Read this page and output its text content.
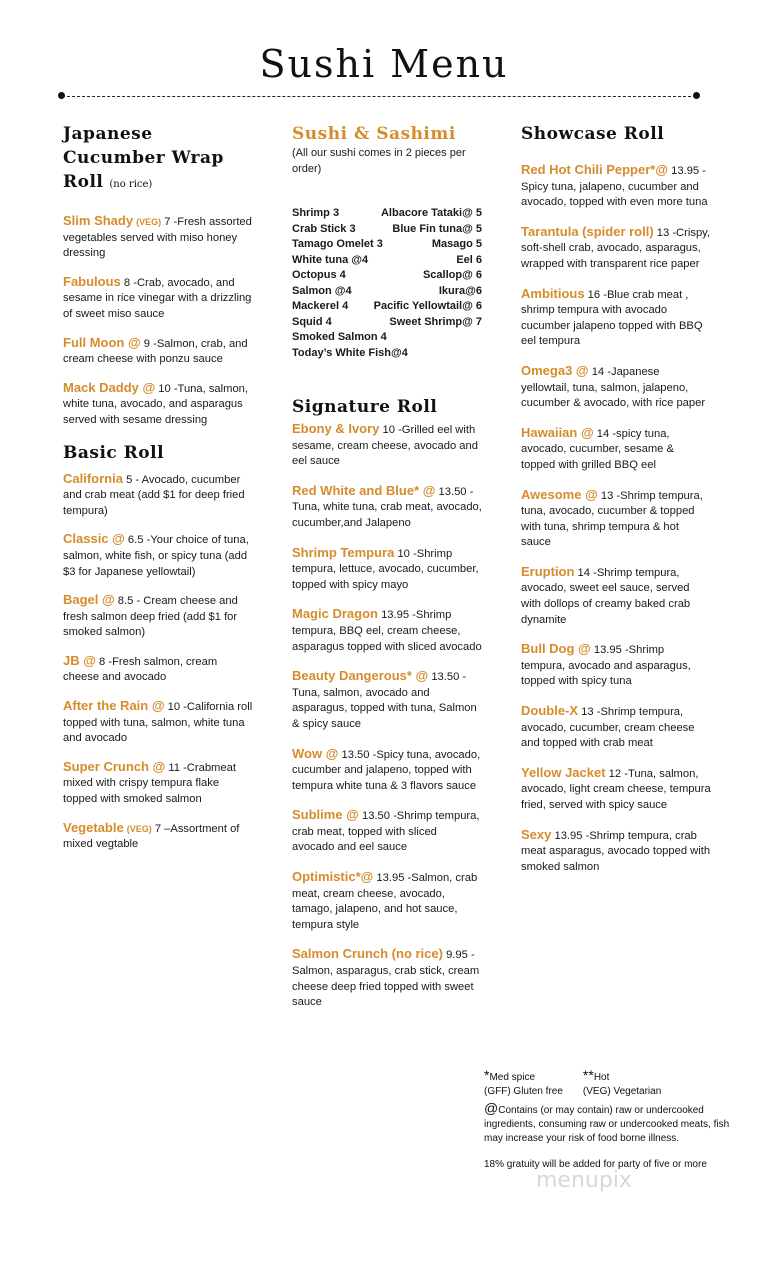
Sushi Menu
Japanese Cucumber Wrap Roll (no rice)
Slim Shady (VEG) 7 -Fresh assorted vegetables served with miso honey dressing
Fabulous 8 -Crab, avocado, and sesame in rice vinegar with a drizzling of sweet miso sauce
Full Moon @ 9 -Salmon, crab, and cream cheese with ponzu sauce
Mack Daddy @ 10 -Tuna, salmon, white tuna, avocado, and asparagus served with sesame dressing
Basic Roll
California 5 - Avocado, cucumber and crab meat (add $1 for deep fried tempura)
Classic @ 6.5 -Your choice of tuna, salmon, white fish, or spicy tuna (add $3 for Japanese yellowtail)
Bagel @ 8.5 - Cream cheese and fresh salmon deep fried (add $1 for smoked salmon)
JB @ 8 -Fresh salmon, cream cheese and avocado
After the Rain @ 10 -California roll topped with tuna, salmon, white tuna and avocado
Super Crunch @ 11 -Crabmeat mixed with crispy tempura flake topped with smoked salmon
Vegetable (VEG) 7 –Assortment of mixed vegtable
Sushi & Sashimi
(All our sushi comes in 2 pieces per order)
Shrimp 3	Albacore Tataki@ 5
Crab Stick 3	Blue Fin tuna@ 5
Tamago Omelet 3	Masago 5
White tuna @4	Eel 6
Octopus 4	Scallop@ 6
Salmon @4	Ikura@6
Mackerel 4 Pacific Yellowtail@ 6
Squid 4	Sweet Shrimp@ 7
Smoked Salmon 4
Today’s White Fish@4
Signature Roll
Ebony & Ivory 10 -Grilled eel with sesame, cream cheese, avocado and eel sauce
Red White and Blue* @ 13.50 -Tuna, white tuna, crab meat, avocado, cucumber,and Jalapeno
Shrimp Tempura 10 -Shrimp tempura, lettuce, avocado, cucumber, topped with spicy mayo
Magic Dragon 13.95 -Shrimp tempura, BBQ eel, cream cheese, asparagus topped with sliced avocado
Beauty Dangerous* @ 13.50 - Tuna, salmon, avocado and asparagus, topped with tuna, Salmon & spicy sauce
Wow @ 13.50 -Spicy tuna, avocado, cucumber and jalapeno, topped with tempura white tuna & 3 flavors sauce
Sublime @ 13.50 -Shrimp tempura, crab meat, topped with sliced avocado and eel sauce
Optimistic*@ 13.95 -Salmon, crab meat, cream cheese, avocado, tamago, jalapeno, and hot sauce, tempura style
Salmon Crunch (no rice) 9.95 -Salmon, asparagus, crab stick, cream cheese deep fried topped with sweet sauce
Showcase Roll
Red Hot Chili Pepper*@ 13.95 -Spicy tuna, jalapeno, cucumber and avocado, topped with even more tuna
Tarantula (spider roll) 13 -Crispy, soft-shell crab, avocado, asparagus, wrapped with transparent rice paper
Ambitious 16 -Blue crab meat , shrimp tempura with avocado cucumber jalapeno topped with BBQ eel tempura
Omega3 @ 14 -Japanese yellowtail, tuna, salmon, jalapeno, cucumber & avocado, with rice paper
Hawaiian @ 14 -spicy tuna, avocado, cucumber, sesame & topped with grilled BBQ eel
Awesome @ 13 -Shrimp tempura, tuna, avocado, cucumber & topped with tuna, shrimp tempura & hot sauce
Eruption 14 -Shrimp tempura, avocado, sweet eel sauce, served with dollops of creamy baked crab dynamite
Bull Dog @ 13.95 -Shrimp tempura, avocado and asparagus, topped with spicy tuna
Double-X 13 -Shrimp tempura, avocado, cucumber, cream cheese and topped with crab meat
Yellow Jacket 12 -Tuna, salmon, avocado, light cream cheese, tempura fried, served with spicy sauce
Sexy 13.95 -Shrimp tempura, crab meat asparagus, avocado topped with smoked salmon
*Med spice
(GFF) Gluten free
**Hot
(VEG) Vegetarian
@Contains (or may contain) raw or undercooked ingredients, consuming raw or undercooked meats, fish may increase your risk of food borne illness.
18% gratuity will be added for party of five or more
menupix
